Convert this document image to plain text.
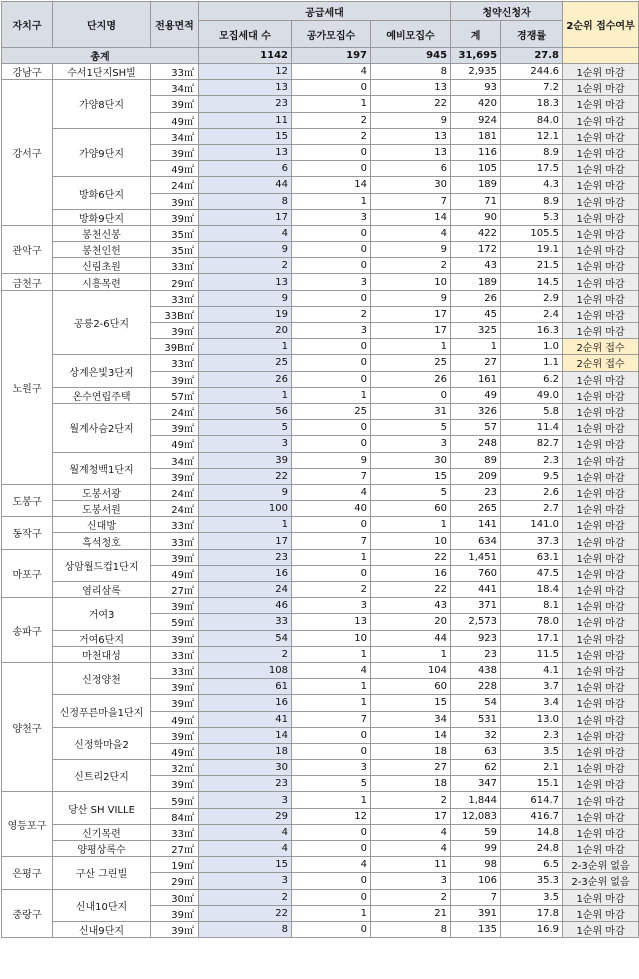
자치구	단지명	전용면적	공급세대			청약신청자		2순위 접수여부
			모집세대 수	공가모집수	예비모집수	계	경쟁률	
총계			1142	197	945	31,695	27.8	
강남구	수서1단지SH빌	33㎡	12	4	8	2,935	244.6	1순위 마감
강서구	가양8단지	34㎡	13	0	13	93	7.2	1순위 마감
		39㎡	23	1	22	420	18.3	1순위 마감
		49㎡	11	2	9	924	84.0	1순위 마감
	가양9단지	34㎡	15	2	13	181	12.1	1순위 마감
		39㎡	13	0	13	116	8.9	1순위 마감
		49㎡	6	0	6	105	17.5	1순위 마감
	방화6단지	24㎡	44	14	30	189	4.3	1순위 마감
		39㎡	8	1	7	71	8.9	1순위 마감
	방화9단지	39㎡	17	3	14	90	5.3	1순위 마감
관악구	봉천신봉	35㎡	4	0	4	422	105.5	1순위 마감
	봉천인헌	35㎡	9	0	9	172	19.1	1순위 마감
	신림초원	33㎡	2	0	2	43	21.5	1순위 마감
금천구	시흥목련	29㎡	13	3	10	189	14.5	1순위 마감
노원구	공릉2-6단지	33㎡	9	0	9	26	2.9	1순위 마감
		33B㎡	19	2	17	45	2.4	1순위 마감
		39㎡	20	3	17	325	16.3	1순위 마감
		39B㎡	1	0	1	1	1.0	2순위 접수
	상계은빛3단지	33㎡	25	0	25	27	1.1	2순위 접수
		39㎡	26	0	26	161	6.2	1순위 마감
	온수연립주택	57㎡	1	1	0	49	49.0	1순위 마감
	월계사슴2단지	24㎡	56	25	31	326	5.8	1순위 마감
		39㎡	5	0	5	57	11.4	1순위 마감
		49㎡	3	0	3	248	82.7	1순위 마감
	월계청백1단지	34㎡	39	9	30	89	2.3	1순위 마감
		39㎡	22	7	15	209	9.5	1순위 마감
도봉구	도봉서광	24㎡	9	4	5	23	2.6	1순위 마감
	도봉서원	24㎡	100	40	60	265	2.7	1순위 마감
동작구	신대방	33㎡	1	0	1	141	141.0	1순위 마감
	흑석청호	33㎡	17	7	10	634	37.3	1순위 마감
마포구	상암월드컵1단지	39㎡	23	1	22	1,451	63.1	1순위 마감
		49㎡	16	0	16	760	47.5	1순위 마감
	염리삼록	27㎡	24	2	22	441	18.4	1순위 마감
송파구	거여3	39㎡	46	3	43	371	8.1	1순위 마감
		59㎡	33	13	20	2,573	78.0	1순위 마감
	거여6단지	39㎡	54	10	44	923	17.1	1순위 마감
	마천대성	33㎡	2	1	1	23	11.5	1순위 마감
양천구	신정양천	33㎡	108	4	104	438	4.1	1순위 마감
		39㎡	61	1	60	228	3.7	1순위 마감
	신정푸른마을1단지	39㎡	16	1	15	54	3.4	1순위 마감
		49㎡	41	7	34	531	13.0	1순위 마감
	신정학마을2	39㎡	14	0	14	32	2.3	1순위 마감
		49㎡	18	0	18	63	3.5	1순위 마감
	신트리2단지	32㎡	30	3	27	62	2.1	1순위 마감
		39㎡	23	5	18	347	15.1	1순위 마감
영등포구	당산 SH VILLE	59㎡	3	1	2	1,844	614.7	1순위 마감
		84㎡	29	12	17	12,083	416.7	1순위 마감
	신기목련	33㎡	4	0	4	59	14.8	1순위 마감
	양평상록수	27㎡	4	0	4	99	24.8	1순위 마감
은평구	구산 그린빌	19㎡	15	4	11	98	6.5	2-3순위 없음
		29㎡	3	0	3	106	35.3	2-3순위 없음
중랑구	신내10단지	30㎡	2	0	2	7	3.5	1순위 마감
		39㎡	22	1	21	391	17.8	1순위 마감
	신내9단지	39㎡	8	0	8	135	16.9	1순위 마감
